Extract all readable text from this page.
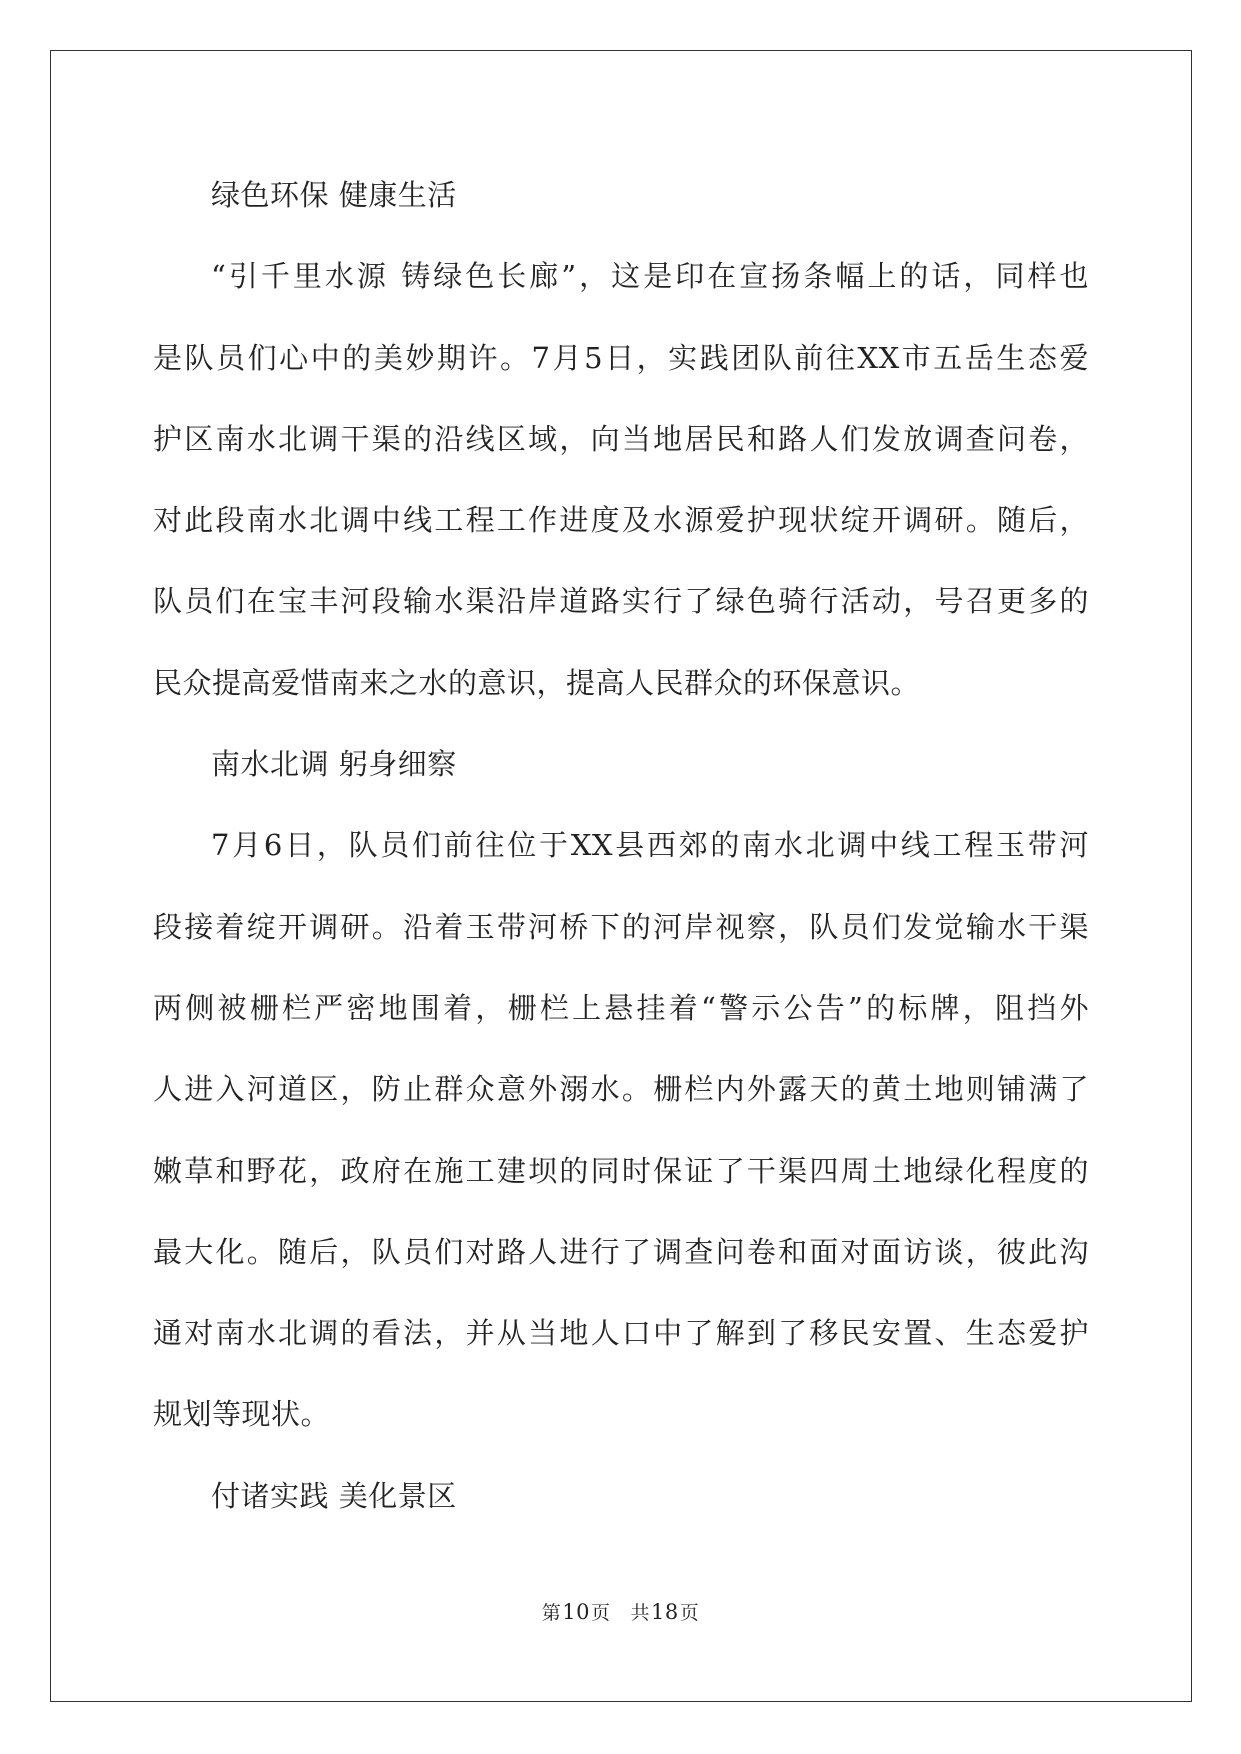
绿色环保 健康生活
“引千里水源 铸绿色长廊”，这是印在宣扬条幅上的话，同样也
是队员们心中的美妙期许。7月5日，实践团队前往XX市五岳生态爱
护区南水北调干渠的沿线区域，向当地居民和路人们发放调查问卷，
对此段南水北调中线工程工作进度及水源爱护现状绽开调研。随后，
队员们在宝丰河段输水渠沿岸道路实行了绿色骑行活动，号召更多的
民众提高爱惜南来之水的意识，提高人民群众的环保意识。
南水北调 躬身细察
7月6日，队员们前往位于XX县西郊的南水北调中线工程玉带河
段接着绽开调研。沿着玉带河桥下的河岸视察，队员们发觉输水干渠
两侧被栅栏严密地围着，栅栏上悬挂着“警示公告”的标牌，阻挡外
人进入河道区，防止群众意外溺水。栅栏内外露天的黄土地则铺满了
嫩草和野花，政府在施工建坝的同时保证了干渠四周土地绿化程度的
最大化。随后，队员们对路人进行了调查问卷和面对面访谈，彼此沟
通对南水北调的看法，并从当地人口中了解到了移民安置、生态爱护
规划等现状。
付诸实践 美化景区
第10页 共18页
